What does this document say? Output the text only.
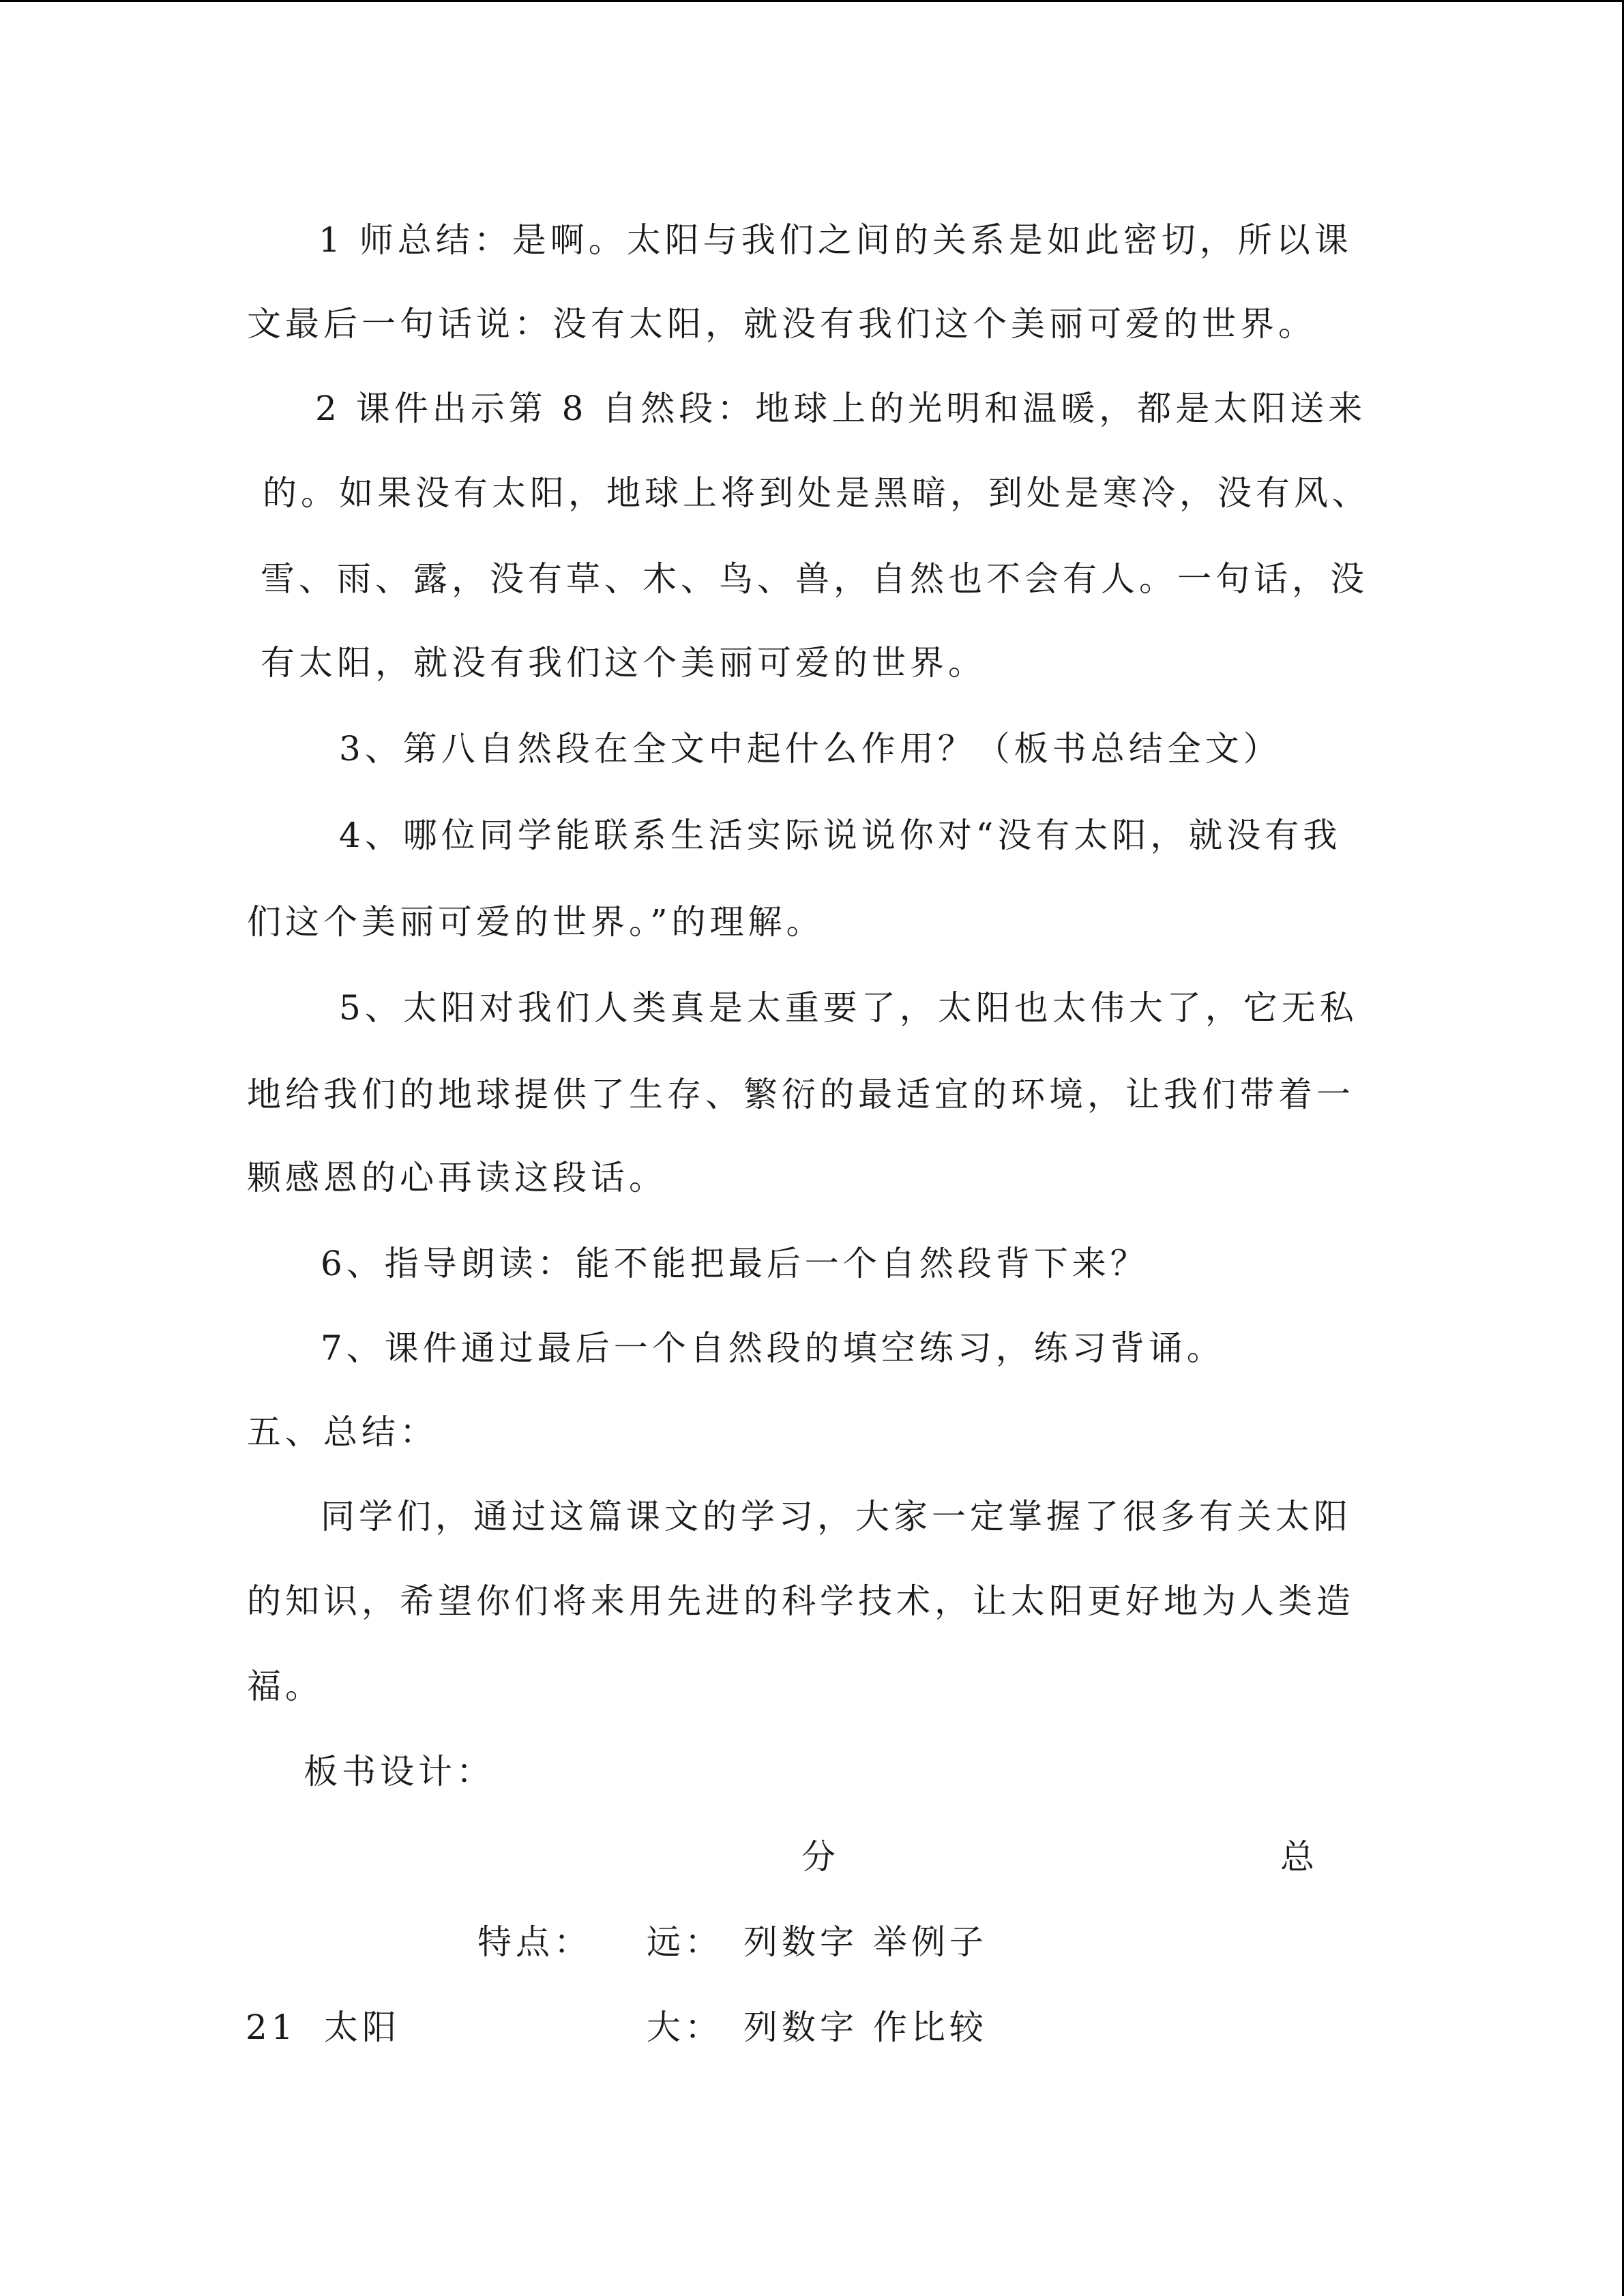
1 师总结：是啊。太阳与我们之间的关系是如此密切，所以课
文最后一句话说：没有太阳，就没有我们这个美丽可爱的世界。
2 课件出示第 8 自然段：地球上的光明和温暖，都是太阳送来
的。如果没有太阳，地球上将到处是黑暗，到处是寒冷，没有风、
雪、雨、露，没有草、木、鸟、兽，自然也不会有人。一句话，没
有太阳，就没有我们这个美丽可爱的世界。
3、第八自然段在全文中起什么作用？（板书总结全文）
4、哪位同学能联系生活实际说说你对“没有太阳，就没有我
们这个美丽可爱的世界。”的理解。
5、太阳对我们人类真是太重要了，太阳也太伟大了，它无私
地给我们的地球提供了生存、繁衍的最适宜的环境，让我们带着一
颗感恩的心再读这段话。
6、指导朗读：能不能把最后一个自然段背下来？
7、课件通过最后一个自然段的填空练习，练习背诵。
五、总结：
同学们，通过这篇课文的学习，大家一定掌握了很多有关太阳
的知识，希望你们将来用先进的科学技术，让太阳更好地为人类造
福。
板书设计：
分	总
特点： 远： 列数字 举例子
21 太阳	大： 列数字 作比较
